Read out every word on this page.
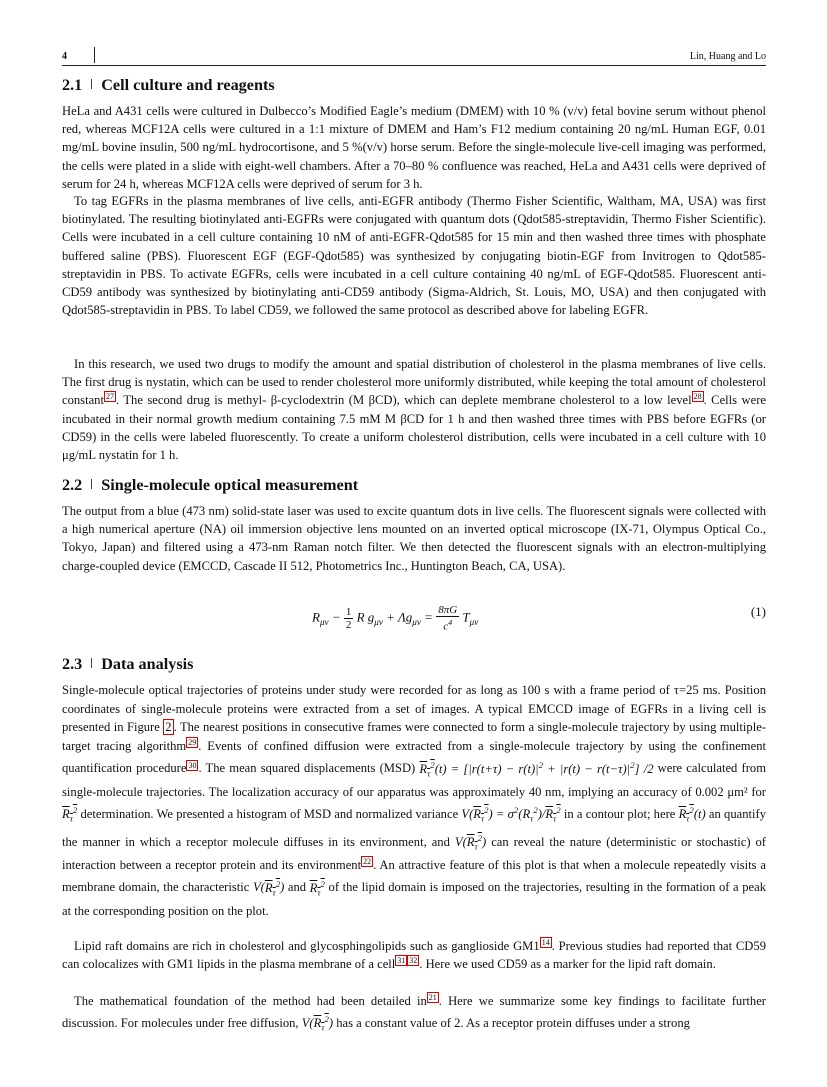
4	Lin, Huang and Lo
2.1 Cell culture and reagents
HeLa and A431 cells were cultured in Dulbecco’s Modified Eagle’s medium (DMEM) with 10 % (v/v) fetal bovine serum without phenol red, whereas MCF12A cells were cultured in a 1:1 mixture of DMEM and Ham’s F12 medium containing 20 ng/mL Human EGF, 0.01 mg/mL bovine insulin, 500 ng/mL hydrocortisone, and 5 %(v/v) horse serum. Before the single-molecule live-cell imaging was performed, the cells were plated in a slide with eight-well chambers. After a 70–80 % confluence was reached, HeLa and A431 cells were deprived of serum for 24 h, whereas MCF12A cells were deprived of serum for 3 h.
To tag EGFRs in the plasma membranes of live cells, anti-EGFR antibody (Thermo Fisher Scientific, Waltham, MA, USA) was first biotinylated. The resulting biotinylated anti-EGFRs were conjugated with quantum dots (Qdot585-streptavidin, Thermo Fisher Scientific). Cells were incubated in a cell culture containing 10 nM of anti-EGFR-Qdot585 for 15 min and then washed three times with phosphate buffered saline (PBS). Fluorescent EGF (EGF-Qdot585) was synthesized by conjugating biotin-EGF from Invitrogen to Qdot585-streptavidin in PBS. To activate EGFRs, cells were incubated in a cell culture containing 40 ng/mL of EGF-Qdot585. Fluorescent anti-CD59 antibody was synthesized by biotinylating anti-CD59 antibody (Sigma-Aldrich, St. Louis, MO, USA) and then conjugated with Qdot585-streptavidin in PBS. To label CD59, we followed the same protocol as described above for labeling EGFR.
In this research, we used two drugs to modify the amount and spatial distribution of cholesterol in the plasma membranes of live cells. The first drug is nystatin, which can be used to render cholesterol more uniformly distributed, while keeping the total amount of cholesterol constant $^{27}$ . The second drug is methyl- β-cyclodextrin (M βCD), which can deplete membrane cholesterol to a low level $^{28}$ . Cells were incubated in their normal growth medium containing 7.5 mM M βCD for 1 h and then washed three times with PBS before EGFRs (or CD59) in the cells were labeled fluorescently. To create a uniform cholesterol distribution, cells were incubated in a cell culture with 10 μg/mL nystatin for 1 h.
2.2 Single-molecule optical measurement
The output from a blue (473 nm) solid-state laser was used to excite quantum dots in live cells. The fluorescent signals were collected with a high numerical aperture (NA) oil immersion objective lens mounted on an inverted optical microscope (IX-71, Olympus Optical Co., Tokyo, Japan) and filtered using a 473-nm Raman notch filter. We then detected the fluorescent signals with an electron-multiplying charge-coupled device (EMCCD, Cascade II 512, Photometrics Inc., Huntington Beach, CA, USA).
$R_{\mu\nu} - \frac{1}{2}$ R $g_{\mu\nu} + \Lambda g_{\mu\nu} = \frac{8\pi G}{c^4} T_{\mu\nu}$
(1)
2.3 Data analysis
Single-molecule optical trajectories of proteins under study were recorded for as long as 100 s with a frame period of τ=25 ms. Position coordinates of single-molecule proteins were extracted from a set of images. A typical EMCCD image of EGFRs in a living cell is presented in Figure 2 . The nearest positions in consecutive frames were connected to form a single-molecule trajectory by using multiple-target tracing algorithm $^{29}$ . Events of confined diffusion were extracted from a single-molecule trajectory by using the confinement quantification procedure $^{30}$ . The mean squared displacements (MSD) $R_\tau^2(t) = [|r(t+\tau) - r(t)|^2 + |r(t) - r(t-\tau)|^2]$ /2 were calculated from single-molecule trajectories. The localization accuracy of our apparatus was approximately 40 nm, implying an accuracy of 0.002 μm² for $R_\tau^2$ determination. We presented a histogram of MSD and normalized variance $V(R_\tau^2) = \sigma^2(R_\tau^2)/R_\tau^2$ in a contour plot; here $R_\tau^2(t)$ an quantify the manner in which a receptor molecule diffuses in its environment, and $V(R_\tau^2)$ can reveal the nature (deterministic or stochastic) of interaction between a receptor protein and its environment $^{22}$ . An attractive feature of this plot is that when a molecule repeatedly visits a membrane domain, the characteristic $V(R_\tau^2)$ and $R_\tau^2$ of the lipid domain is imposed on the trajectories, resulting in the formation of a peak at the corresponding position on the plot.
Lipid raft domains are rich in cholesterol and glycosphingolipids such as ganglioside GM1 $^{14}$ . Previous studies had reported that CD59 can colocalizes with GM1 lipids in the plasma membrane of a cell $^{31}$ $^{32}$ . Here we used CD59 as a marker for the lipid raft domain.
The mathematical foundation of the method had been detailed in $^{21}$ . Here we summarize some key findings to facilitate further discussion. For molecules under free diffusion, $V(R_\tau^2)$ has a constant value of 2. As a receptor protein diffuses under a strong
